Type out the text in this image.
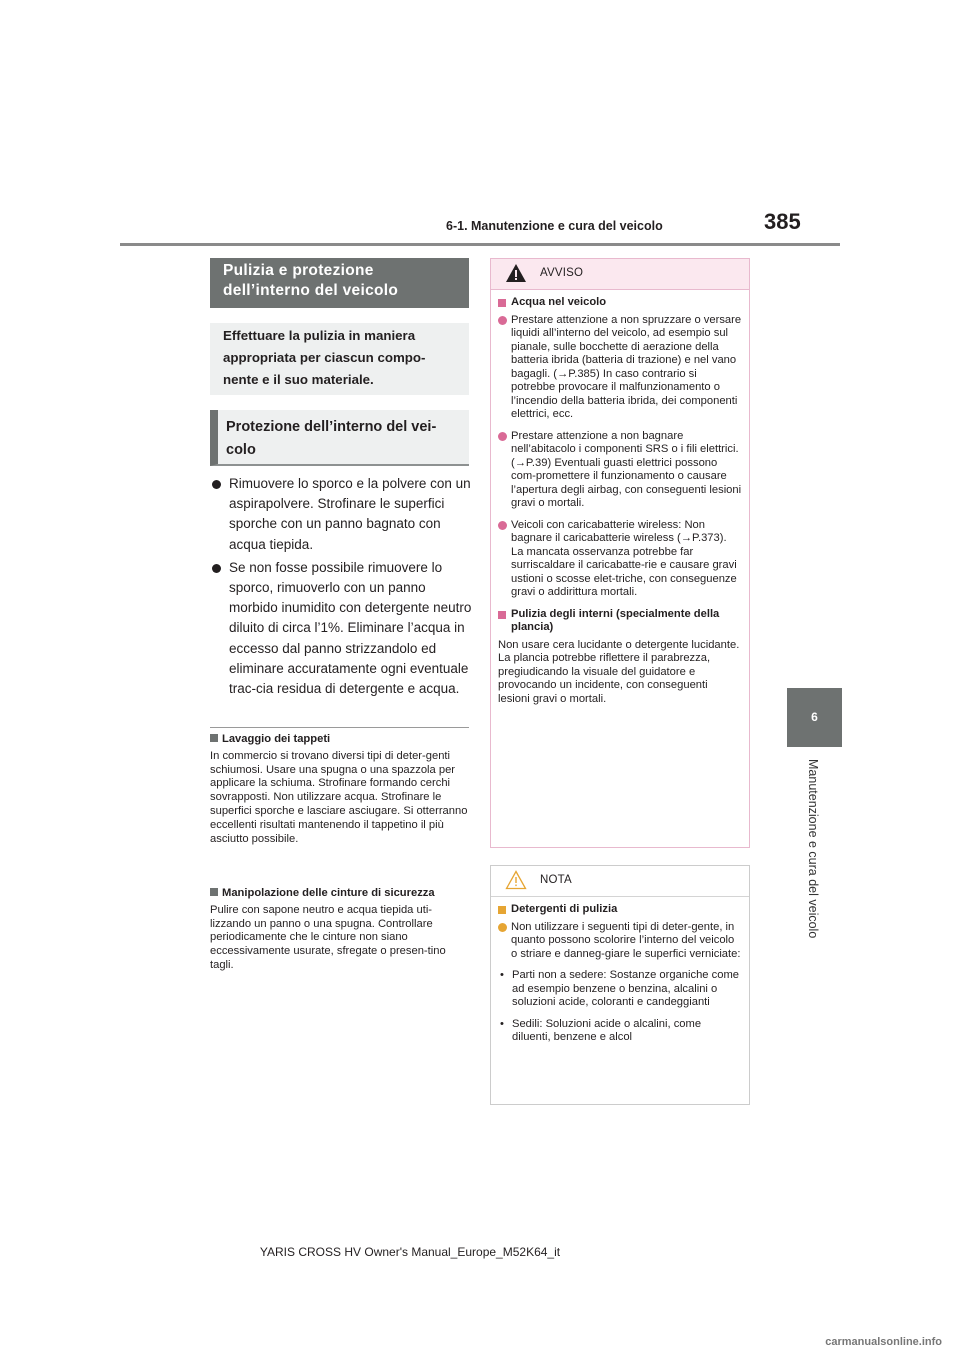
6-1. Manutenzione e cura del veicolo	385
6
Manutenzione e cura del veicolo
Pulizia e protezione dell’interno del veicolo
Effettuare la pulizia in maniera appropriata per ciascun compo-nente e il suo materiale.
Protezione dell’interno del vei-colo

Rimuovere lo sporco e la polvere con un aspirapolvere. Strofinare le superfici sporche con un panno bagnato con acqua tiepida.

Se non fosse possibile rimuovere lo sporco, rimuoverlo con un panno morbido inumidito con detergente neutro diluito di circa l’1%. Eliminare l’acqua in eccesso dal panno strizzandolo ed eliminare accuratamente ogni eventuale trac-cia residua di detergente e acqua.

Lavaggio dei tappeti

In commercio si trovano diversi tipi di deter-genti schiumosi. Usare una spugna o una spazzola per applicare la schiuma. Strofinare formando cerchi sovrapposti. Non utilizzare acqua. Strofinare le superfici sporche e lasciare asciugare. Si otterranno eccellenti risultati mantenendo il tappetino il più asciutto possibile.

Manipolazione delle cinture di sicurezza

Pulire con sapone neutro e acqua tiepida uti-lizzando un panno o una spugna. Controllare periodicamente che le cinture non siano eccessivamente usurate, sfregate o presen-tino tagli.

AVVISO
Acqua nel veicolo
Prestare attenzione a non spruzzare o versare liquidi all’interno del veicolo, ad esempio sul pianale, sulle bocchette di aerazione della batteria ibrida (batteria di trazione) e nel vano bagagli. (→P.385) In caso contrario si potrebbe provocare il malfunzionamento o l’incendio della batteria ibrida, dei componenti elettrici, ecc.
Prestare attenzione a non bagnare nell’abitacolo i componenti SRS o i fili elettrici. (→P.39) Eventuali guasti elettrici possono com-promettere il funzionamento o causare l’apertura degli airbag, con conseguenti lesioni gravi o mortali.
Veicoli con caricabatterie wireless: Non bagnare il caricabatterie wireless (→P.373). La mancata osservanza potrebbe far surriscaldare il caricabatte-rie e causare gravi ustioni o scosse elet-triche, con conseguenze gravi o addirittura mortali.
Pulizia degli interni (specialmente della plancia)

Non usare cera lucidante o detergente lucidante. La plancia potrebbe riflettere il parabrezza, pregiudicando la visuale del guidatore e provocando un incidente, con conseguenti lesioni gravi o mortali.

NOTA
Detergenti di pulizia
Non utilizzare i seguenti tipi di deter-gente, in quanto possono scolorire l’interno del veicolo o striare e danneg-giare le superfici verniciate:
• Parti non a sedere: Sostanze organiche come ad esempio benzene o benzina, alcalini o soluzioni acide, coloranti e candeggianti
• Sedili: Soluzioni acide o alcalini, come diluenti, benzene e alcol
YARIS CROSS HV Owner's Manual_Europe_M52K64_it
carmanualsonline.info
